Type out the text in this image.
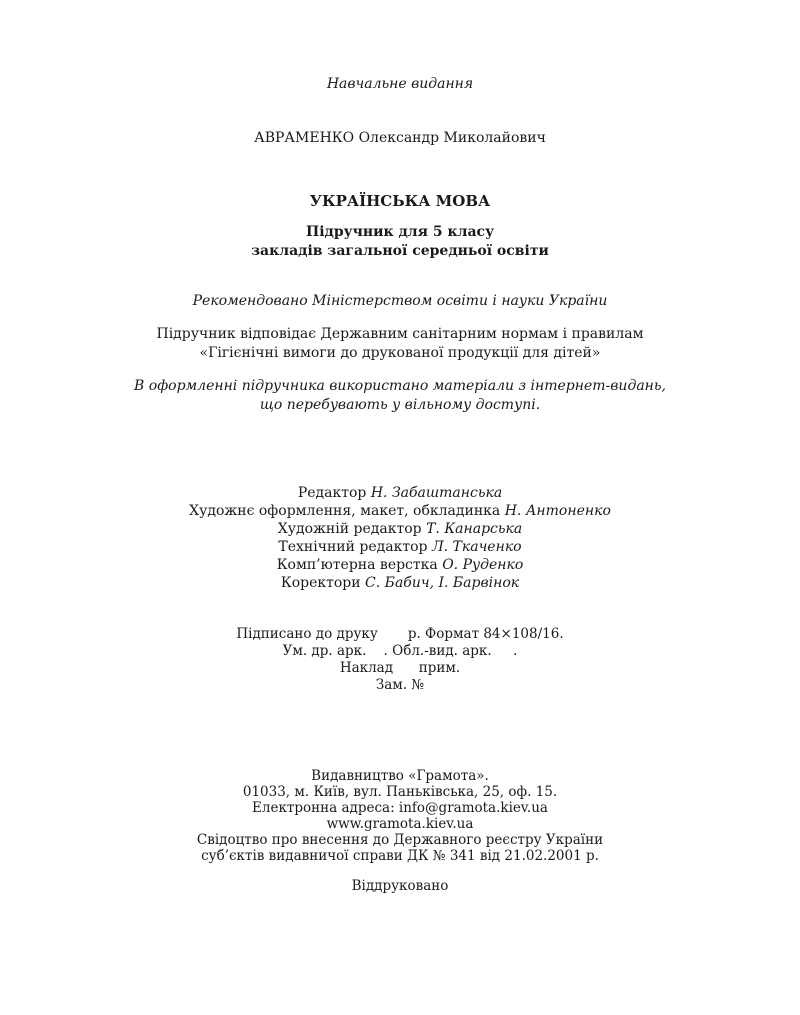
Навчальне видання
АВРАМЕНКО Олександр Миколайович
УКРАЇНСЬКА МОВА
Підручник для 5 класу
закладів загальної середньої освіти
Рекомендовано Міністерством освіти і науки України
Підручник відповідає Державним санітарним нормам і правилам
«Гігієнічні вимоги до друкованої продукції для дітей»
В оформленні підручника використано матеріали з інтернет-видань,
що перебувають у вільному доступі.
Редактор Н. Забаштанська
Художнє оформлення, макет, обкладинка Н. Антоненко
Художній редактор Т. Канарська
Технічний редактор Л. Ткаченко
Комп’ютерна верстка О. Руденко
Коректори С. Бабич, І. Барвінок
Підписано до друку       р. Формат 84×108/16.
Ум. др. арк.    . Обл.-вид. арк.     .
Наклад      прим.
Зам. №
Видавництво «Грамота».
01033, м. Київ, вул. Паньківська, 25, оф. 15.
Електронна адреса: info@gramota.kiev.ua
www.gramota.kiev.ua
Свідоцтво про внесення до Державного реєстру України
суб’єктів видавничої справи ДК № 341 від 21.02.2001 р.
Віддруковано
